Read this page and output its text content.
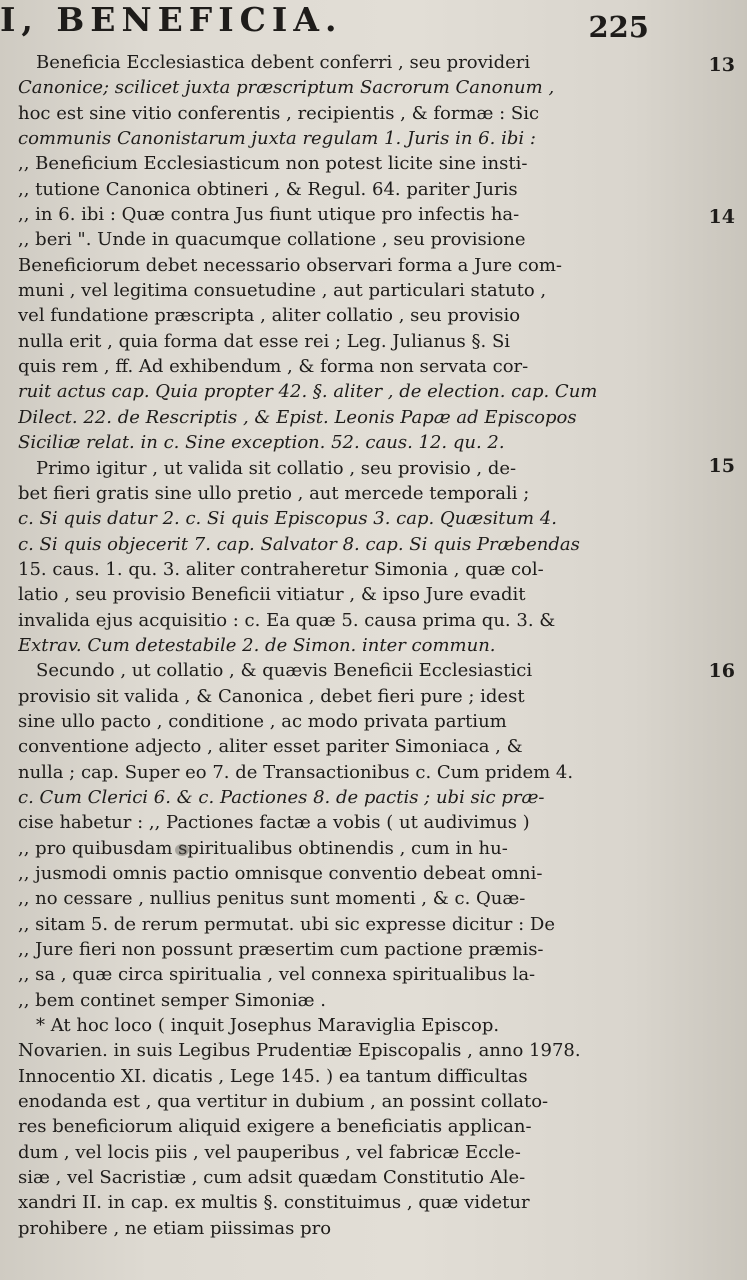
I, BENEFICIA.	225
13
14
15
16
Beneficia Ecclesiastica debent conferri , seu provideri
Canonice; scilicet juxta præscriptum Sacrorum Canonum ,
hoc est sine vitio conferentis , recipientis , & formæ : Sic
communis Canonistarum juxta regulam 1. Juris in 6. ibi :
,, Beneficium Ecclesiasticum non potest licite sine insti-
,, tutione Canonica obtineri , & Regul. 64. pariter Juris
,, in 6. ibi : Quæ contra Jus fiunt utique pro infectis ha-
,, beri ". Unde in quacumque collatione , seu provisione
Beneficiorum debet necessario observari forma a Jure com-
muni , vel legitima consuetudine , aut particulari statuto ,
vel fundatione præscripta , aliter collatio , seu provisio
nulla erit , quia forma dat esse rei ; Leg. Julianus §. Si
quis rem , ff. Ad exhibendum , & forma non servata cor-
ruit actus cap. Quia propter 42. §. aliter , de election. cap. Cum
Dilect. 22. de Rescriptis , & Epist. Leonis Papæ ad Episcopos
Siciliæ relat. in c. Sine exception. 52. caus. 12. qu. 2.
Primo igitur , ut valida sit collatio , seu provisio , de-
bet fieri gratis sine ullo pretio , aut mercede temporali ;
c. Si quis datur 2. c. Si quis Episcopus 3. cap. Quæsitum 4.
c. Si quis objecerit 7. cap. Salvator 8. cap. Si quis Præbendas
15. caus. 1. qu. 3. aliter contraheretur Simonia , quæ col-
latio , seu provisio Beneficii vitiatur , & ipso Jure evadit
invalida ejus acquisitio : c. Ea quæ 5. causa prima qu. 3. &
Extrav. Cum detestabile 2. de Simon. inter commun.
Secundo , ut collatio , & quævis Beneficii Ecclesiastici
provisio sit valida , & Canonica , debet fieri pure ; idest
sine ullo pacto , conditione , ac modo privata partium
conventione adjecto , aliter esset pariter Simoniaca , &
nulla ; cap. Super eo 7. de Transactionibus c. Cum pridem 4.
c. Cum Clerici 6. & c. Pactiones 8. de pactis ; ubi sic præ-
cise habetur : ,, Pactiones factæ a vobis ( ut audivimus )
,, pro quibusdam spiritualibus obtinendis , cum in hu-
,, jusmodi omnis pactio omnisque conventio debeat omni-
,, no cessare , nullius penitus sunt momenti , & c. Quæ-
,, sitam 5. de rerum permutat. ubi sic expresse dicitur : De
,, Jure fieri non possunt præsertim cum pactione præmis-
,, sa , quæ circa spiritualia , vel connexa spiritualibus la-
,, bem continet semper Simoniæ .
* At hoc loco ( inquit Josephus Maraviglia Episcop.
Novarien. in suis Legibus Prudentiæ Episcopalis , anno 1978.
Innocentio XI. dicatis , Lege 145. ) ea tantum difficultas
enodanda est , qua vertitur in dubium , an possint collato-
res beneficiorum aliquid exigere a beneficiatis applican-
dum , vel locis piis , vel pauperibus , vel fabricæ Eccle-
siæ , vel Sacristiæ , cum adsit quædam Constitutio Ale-
xandri II. in cap. ex multis §. constituimus , quæ videtur
prohibere , ne etiam piissimas pro
